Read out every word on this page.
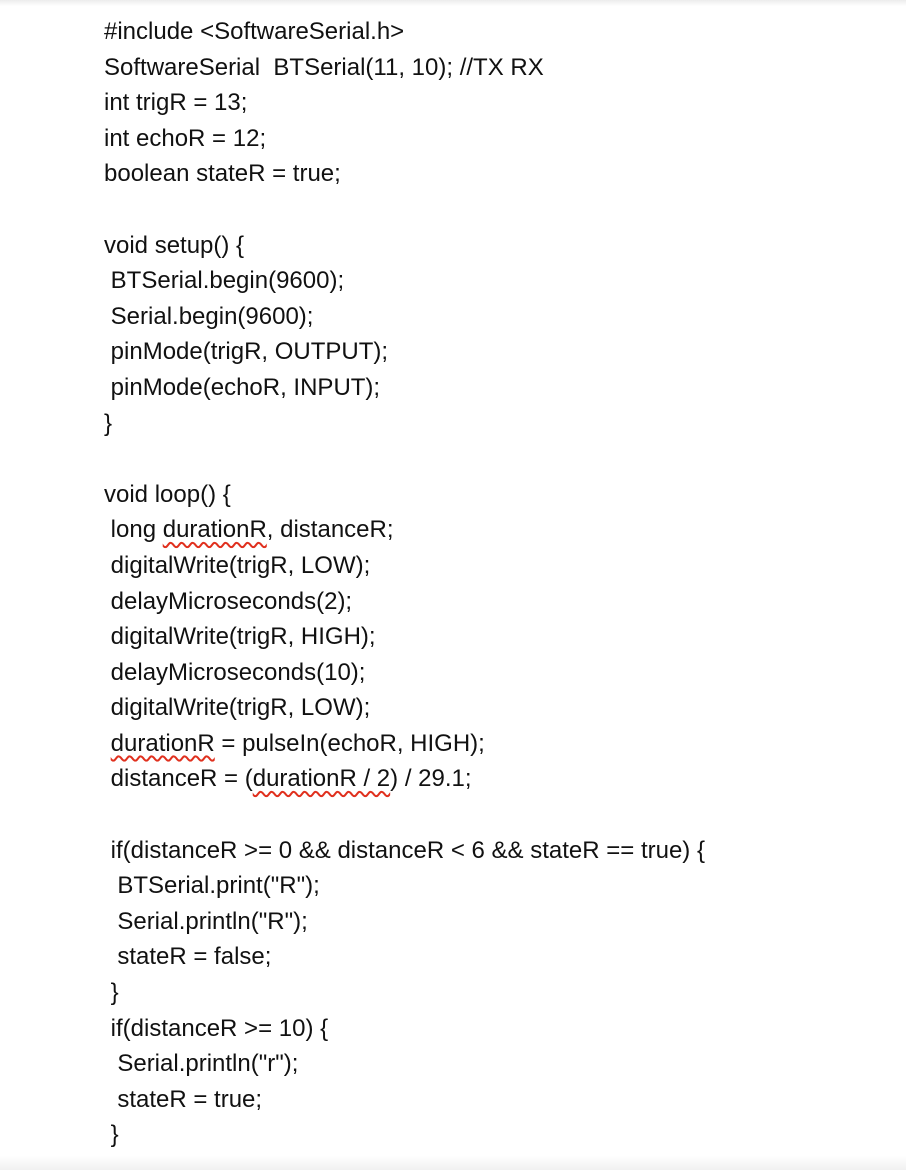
#include <SoftwareSerial.h>
SoftwareSerial  BTSerial(11, 10); //TX RX
int trigR = 13;
int echoR = 12;
boolean stateR = true;
void setup() {
BTSerial.begin(9600);
Serial.begin(9600);
pinMode(trigR, OUTPUT);
pinMode(echoR, INPUT);
}
void loop() {
long durationR, distanceR;
digitalWrite(trigR, LOW);
delayMicroseconds(2);
digitalWrite(trigR, HIGH);
delayMicroseconds(10);
digitalWrite(trigR, LOW);
durationR = pulseIn(echoR, HIGH);
distanceR = (durationR / 2) / 29.1;
if(distanceR >= 0 && distanceR < 6 && stateR == true) {
BTSerial.print("R");
Serial.println("R");
stateR = false;
}
if(distanceR >= 10) {
Serial.println("r");
stateR = true;
}
